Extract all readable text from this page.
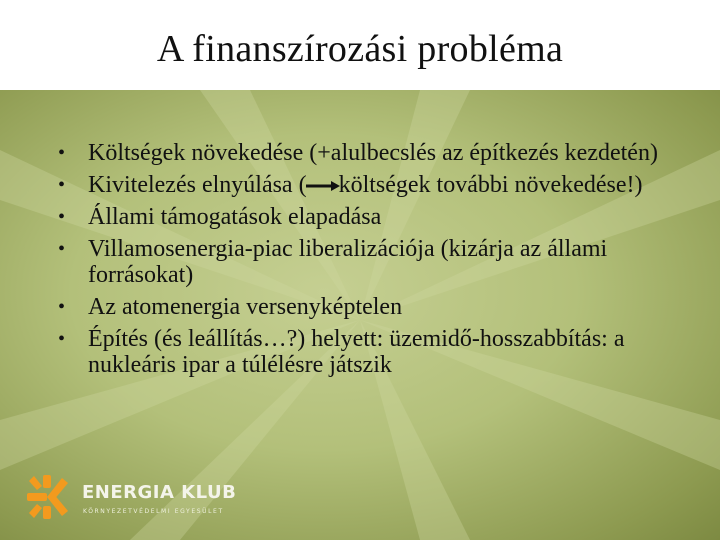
A finanszírozási probléma
• Költségek növekedése (+alulbecslés az építkezés kezdetén)
• Kivitelezés elnyúlása ( költségek további növekedése!)
• Állami támogatások elapadása
• Villamosenergia-piac liberalizációja (kizárja az állami forrásokat)
• Az atomenergia versenyképtelen
• Építés (és leállítás…?) helyett: üzemidő-hosszabbítás: a nukleáris ipar a túlélésre játszik
ENERGIA KLUB
KÖRNYEZETVÉDELMI EGYESÜLET
